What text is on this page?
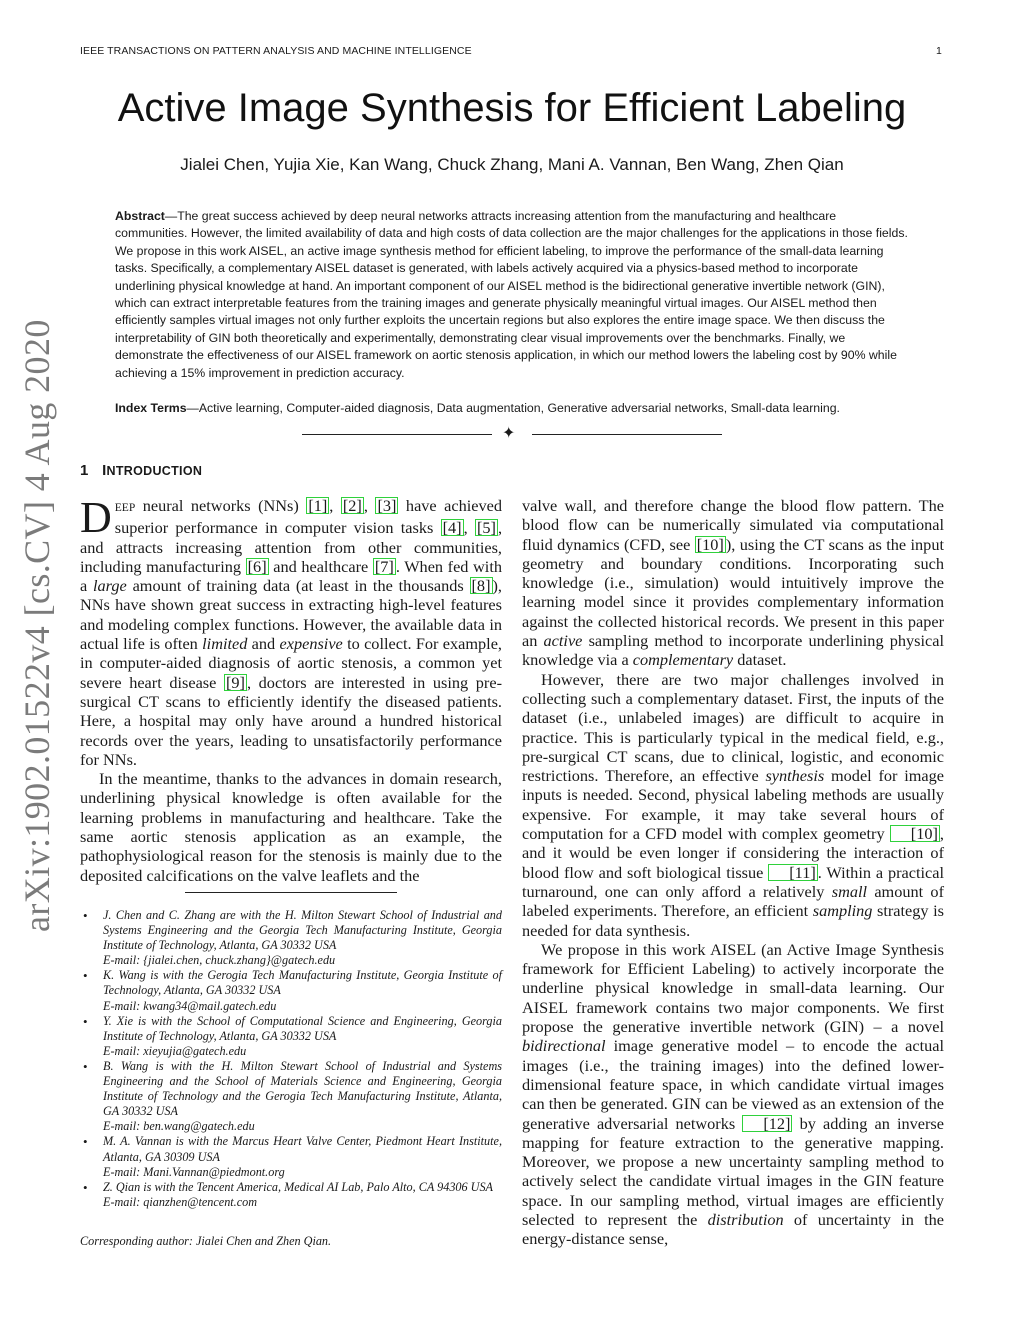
IEEE TRANSACTIONS ON PATTERN ANALYSIS AND MACHINE INTELLIGENCE	1
arXiv:1902.01522v4 [cs.CV] 4 Aug 2020
Active Image Synthesis for Efficient Labeling
Jialei Chen, Yujia Xie, Kan Wang, Chuck Zhang, Mani A. Vannan, Ben Wang, Zhen Qian

Abstract—The great success achieved by deep neural networks attracts increasing attention from the manufacturing and healthcare communities. However, the limited availability of data and high costs of data collection are the major challenges for the applications in those fields. We propose in this work AISEL, an active image synthesis method for efficient labeling, to improve the performance of the small-data learning tasks. Specifically, a complementary AISEL dataset is generated, with labels actively acquired via a physics-based method to incorporate underlining physical knowledge at hand. An important component of our AISEL method is the bidirectional generative invertible network (GIN), which can extract interpretable features from the training images and generate physically meaningful virtual images. Our AISEL method then efficiently samples virtual images not only further exploits the uncertain regions but also explores the entire image space. We then discuss the interpretability of GIN both theoretically and experimentally, demonstrating clear visual improvements over the benchmarks. Finally, we demonstrate the effectiveness of our AISEL framework on aortic stenosis application, in which our method lowers the labeling cost by 90% while achieving a 15% improvement in prediction accuracy.

Index Terms—Active learning, Computer-aided diagnosis, Data augmentation, Generative adversarial networks, Small-data learning.

✦
1 INTRODUCTION

DEEP neural networks (NNs) [1] , [2] , [3] have achieved superior performance in computer vision tasks [4] , [5] , and attracts increasing attention from other communities, including manufacturing [6] and healthcare [7] . When fed with a large amount of training data (at least in the thousands [8] ), NNs have shown great success in extracting high-level features and modeling complex functions. However, the available data in actual life is often limited and expensive to collect. For example, in computer-aided diagnosis of aortic stenosis, a common yet severe heart disease [9] , doctors are interested in using pre-surgical CT scans to efficiently identify the diseased patients. Here, a hospital may only have around a hundred historical records over the years, leading to unsatisfactorily performance for NNs.

In the meantime, thanks to the advances in domain research, underlining physical knowledge is often available for the learning problems in manufacturing and healthcare. Take the same aortic stenosis application as an example, the pathophysiological reason for the stenosis is mainly due to the deposited calcifications on the valve leaflets and the

valve wall, and therefore change the blood flow pattern. The blood flow can be numerically simulated via computational fluid dynamics (CFD, see [10] ), using the CT scans as the input geometry and boundary conditions. Incorporating such knowledge (i.e., simulation) would intuitively improve the learning model since it provides complementary information against the collected historical records. We present in this paper an active sampling method to incorporate underlining physical knowledge via a complementary dataset.

However, there are two major challenges involved in collecting such a complementary dataset. First, the inputs of the dataset (i.e., unlabeled images) are difficult to acquire in practice. This is particularly typical in the medical field, e.g., pre-surgical CT scans, due to clinical, logistic, and economic restrictions. Therefore, an effective synthesis model for image inputs is needed. Second, physical labeling methods are usually expensive. For example, it may take several hours of computation for a CFD model with complex geometry [10] , and it would be even longer if considering the interaction of blood flow and soft biological tissue [11] . Within a practical turnaround, one can only afford a relatively small amount of labeled experiments. Therefore, an efficient sampling strategy is needed for data synthesis.

We propose in this work AISEL (an Active Image Synthesis framework for Efficient Labeling) to actively incorporate the underline physical knowledge in small-data learning. Our AISEL framework contains two major components. We first propose the generative invertible network (GIN) – a novel bidirectional image generative model – to encode the actual images (i.e., the training images) into the defined lower-dimensional feature space, in which candidate virtual images can then be generated. GIN can be viewed as an extension of the generative adversarial networks [12] by adding an inverse mapping for feature extraction to the generative mapping. Moreover, we propose a new uncertainty sampling method to actively select the candidate virtual images in the GIN feature space. In our sampling method, virtual images are efficiently selected to represent the distribution of uncertainty in the energy-distance sense,

• J. Chen and C. Zhang are with the H. Milton Stewart School of Industrial and Systems Engineering and the Georgia Tech Manufacturing Institute, Georgia Institute of Technology, Atlanta, GA 30332 USA
E-mail: {jialei.chen, chuck.zhang}@gatech.edu
• K. Wang is with the Gerogia Tech Manufacturing Institute, Georgia Institute of Technology, Atlanta, GA 30332 USA
E-mail: kwang34@mail.gatech.edu
• Y. Xie is with the School of Computational Science and Engineering, Georgia Institute of Technology, Atlanta, GA 30332 USA
E-mail: xieyujia@gatech.edu
• B. Wang is with the H. Milton Stewart School of Industrial and Systems Engineering and the School of Materials Science and Engineering, Georgia Institute of Technology and the Gerogia Tech Manufacturing Institute, Atlanta, GA 30332 USA
E-mail: ben.wang@gatech.edu
• M. A. Vannan is with the Marcus Heart Valve Center, Piedmont Heart Institute, Atlanta, GA 30309 USA
E-mail: Mani.Vannan@piedmont.org
• Z. Qian is with the Tencent America, Medical AI Lab, Palo Alto, CA 94306 USA
E-mail: qianzhen@tencent.com
Corresponding author: Jialei Chen and Zhen Qian.
